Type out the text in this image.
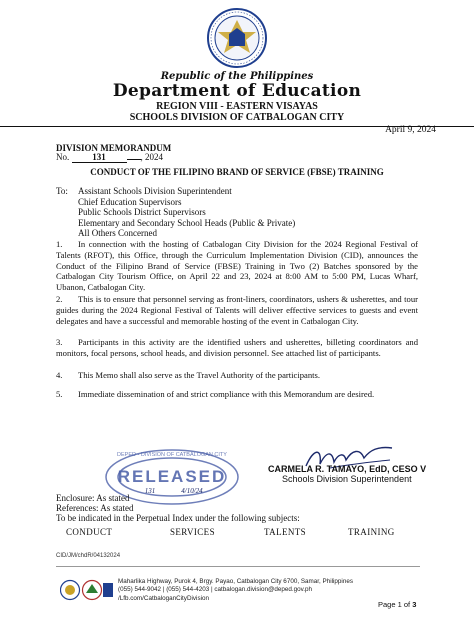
Republic of the Philippines
Department of Education
REGION VIII - EASTERN VISAYAS
SCHOOLS DIVISION OF CATBALOGAN CITY
April 9, 2024
DIVISION MEMORANDUM
No.	131	, 2024
CONDUCT OF THE FILIPINO BRAND OF SERVICE (FBSE) TRAINING
To: Assistant Schools Division Superintendent
Chief Education Supervisors
Public Schools District Supervisors
Elementary and Secondary School Heads (Public & Private)
All Others Concerned
1. In connection with the hosting of Catbalogan City Division for the 2024 Regional Festival of Talents (RFOT), this Office, through the Curriculum Implementation Division (CID), announces the Conduct of the Filipino Brand of Service (FBSE) Training in Two (2) Batches sponsored by the Catbalogan City Tourism Office, on April 22 and 23, 2024 at 8:00 AM to 5:00 PM, Lucas Wharf, Ubanon, Catbalogan City.
2. This is to ensure that personnel serving as front-liners, coordinators, ushers & usherettes, and tour guides during the 2024 Regional Festival of Talents will deliver effective services to guests and event delegates and have a successful and memorable hosting of the event in Catbalogan City.
3. Participants in this activity are the identified ushers and usherettes, billeting coordinators and monitors, focal persons, school heads, and division personnel. See attached list of participants.
4. This Memo shall also serve as the Travel Authority of the participants.
5. Immediate dissemination of and strict compliance with this Memorandum are desired.
RELEASED
DEPED - DIVISION OF CATBALOGAN CITY
131	4/10/24
CARMELA R. TAMAYO, EdD, CESO V
Schools Division Superintendent
Enclosure: As stated
References: As stated
To be indicated in the Perpetual Index under the following subjects:
CONDUCT	SERVICES	TALENTS	TRAINING
CID/JM/chdR/04132024
Maharlika Highway, Purok 4, Brgy. Payao, Catbalogan City 6700, Samar, Philippines
(055) 544-9042 | (055) 544-4203 | catbalogan.division@deped.gov.ph
/Lfb.com/CatbaloganCityDivision
Page 1 of 3
